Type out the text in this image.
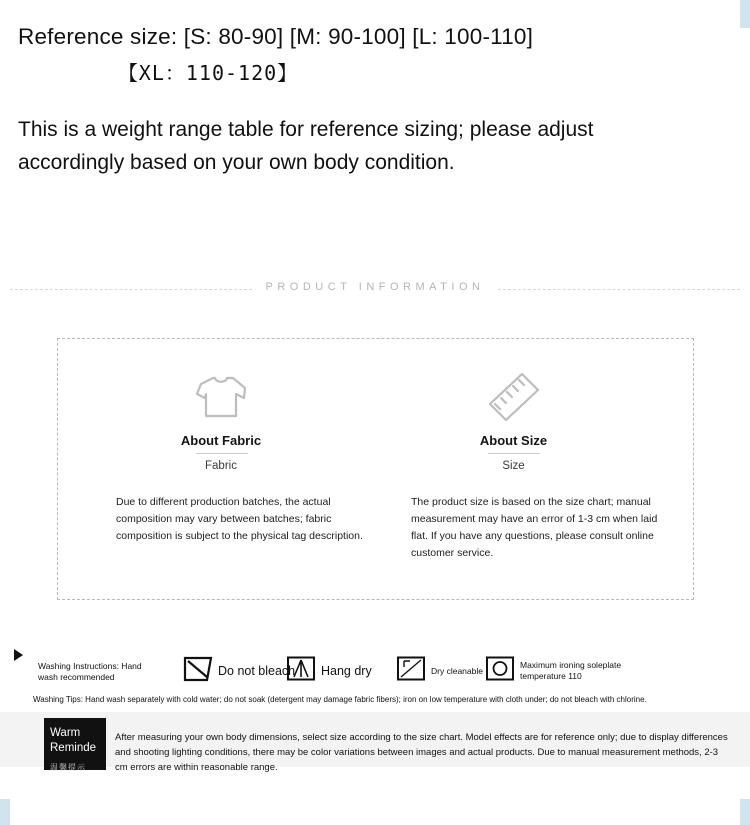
Reference size: [S: 80-90] [M: 90-100] [L: 100-110]
【XL：110-120】
This is a weight range table for reference sizing; please adjust accordingly based on your own body condition.
PRODUCT INFORMATION
About Fabric
Fabric
Due to different production batches, the actual composition may vary between batches; fabric composition is subject to the physical tag description.
About Size
Size
The product size is based on the size chart; manual measurement may have an error of 1-3 cm when laid flat. If you have any questions, please consult online customer service.
Washing Instructions: Hand wash recommended	Do not bleach Hang dry	Dry cleanable
Maximum ironing soleplate temperature 110
Washing Tips: Hand wash separately with cold water; do not soak (detergent may damage fabric fibers); iron on low temperature with cloth under; do not bleach with chlorine.
Warm Reminde
温馨提示
After measuring your own body dimensions, select size according to the size chart. Model effects are for reference only; due to display differences and shooting lighting conditions, there may be color variations between images and actual products. Due to manual measurement methods, 2-3 cm errors are within reasonable range.
